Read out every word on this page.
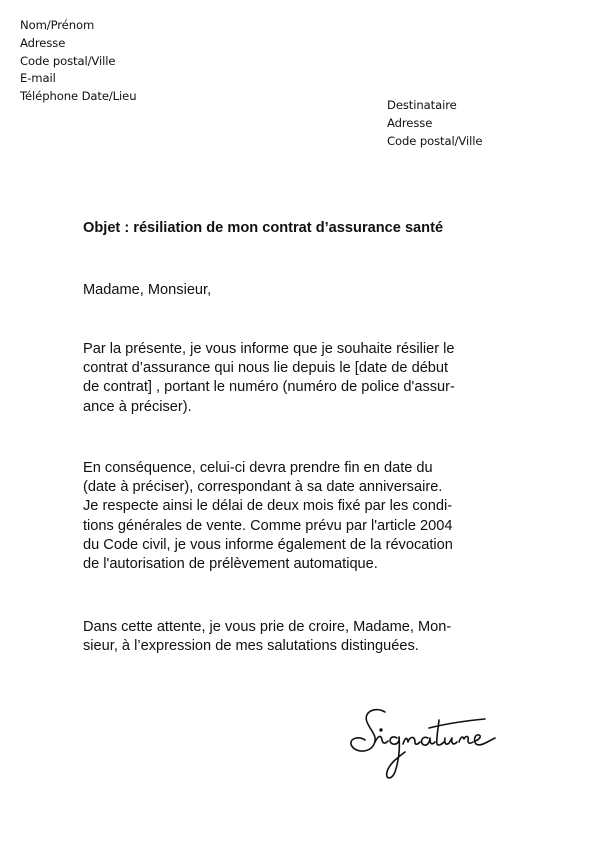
Nom/Prénom
Adresse
Code postal/Ville
E-mail
Téléphone Date/Lieu
Destinataire
Adresse
Code postal/Ville
Objet : résiliation de mon contrat d’assurance santé
Madame, Monsieur,
Par la présente, je vous informe que je souhaite résilier le
contrat d’assurance qui nous lie depuis le [date de début
de contrat] , portant le numéro (numéro de police d'assur-
ance à préciser).
En conséquence, celui-ci devra prendre fin en date du
(date à préciser), correspondant à sa date anniversaire.
Je respecte ainsi le délai de deux mois fixé par les condi-
tions générales de vente. Comme prévu par l'article 2004
du Code civil, je vous informe également de la révocation
de l'autorisation de prélèvement automatique.
Dans cette attente, je vous prie de croire, Madame, Mon-
sieur, à l’expression de mes salutations distinguées.
